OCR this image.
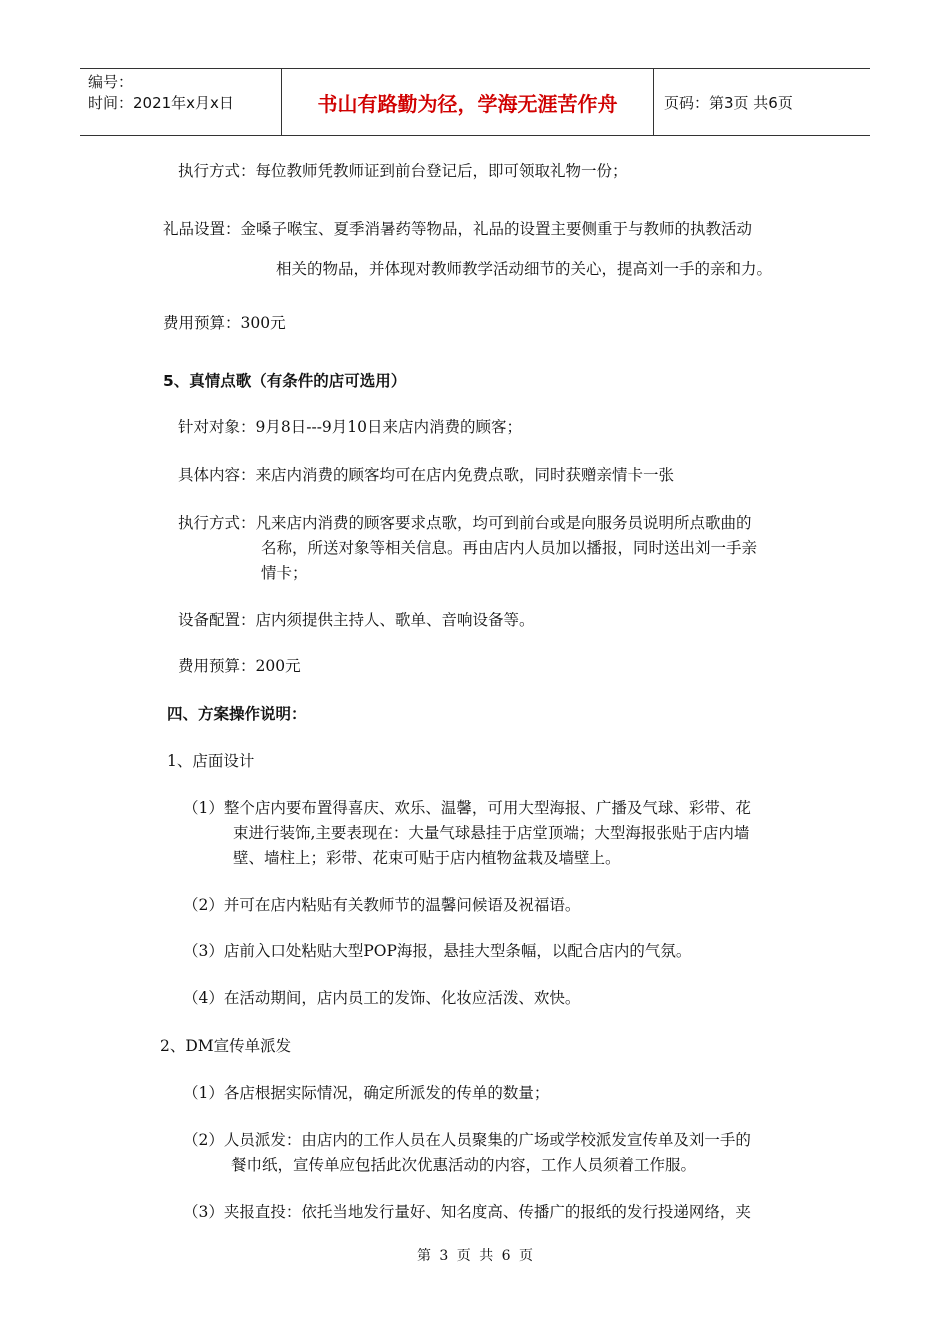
编号：
时间：2021年x月x日	书山有路勤为径，学海无涯苦作舟	页码：第3页 共6页
执行方式：每位教师凭教师证到前台登记后，即可领取礼物一份；
礼品设置：金嗓子喉宝、夏季消暑药等物品，礼品的设置主要侧重于与教师的执教活动
相关的物品，并体现对教师教学活动细节的关心，提高刘一手的亲和力。
费用预算：300元
5、真情点歌（有条件的店可选用）
针对对象：9月8日---9月10日来店内消费的顾客；
具体内容：来店内消费的顾客均可在店内免费点歌，同时获赠亲情卡一张
执行方式：凡来店内消费的顾客要求点歌，均可到前台或是向服务员说明所点歌曲的
名称，所送对象等相关信息。再由店内人员加以播报，同时送出刘一手亲
情卡；
设备配置：店内须提供主持人、歌单、音响设备等。
费用预算：200元
四、方案操作说明：
1、店面设计
（1）整个店内要布置得喜庆、欢乐、温馨，可用大型海报、广播及气球、彩带、花
束进行装饰,主要表现在：大量气球悬挂于店堂顶端；大型海报张贴于店内墙
壁、墙柱上；彩带、花束可贴于店内植物盆栽及墙壁上。
（2）并可在店内粘贴有关教师节的温馨问候语及祝福语。
（3）店前入口处粘贴大型POP海报，悬挂大型条幅，以配合店内的气氛。
（4）在活动期间，店内员工的发饰、化妆应活泼、欢快。
2、DM宣传单派发
（1）各店根据实际情况，确定所派发的传单的数量；
（2）人员派发：由店内的工作人员在人员聚集的广场或学校派发宣传单及刘一手的
餐巾纸，宣传单应包括此次优惠活动的内容，工作人员须着工作服。
（3）夹报直投：依托当地发行量好、知名度高、传播广的报纸的发行投递网络，夹
第 3 页 共 6 页
